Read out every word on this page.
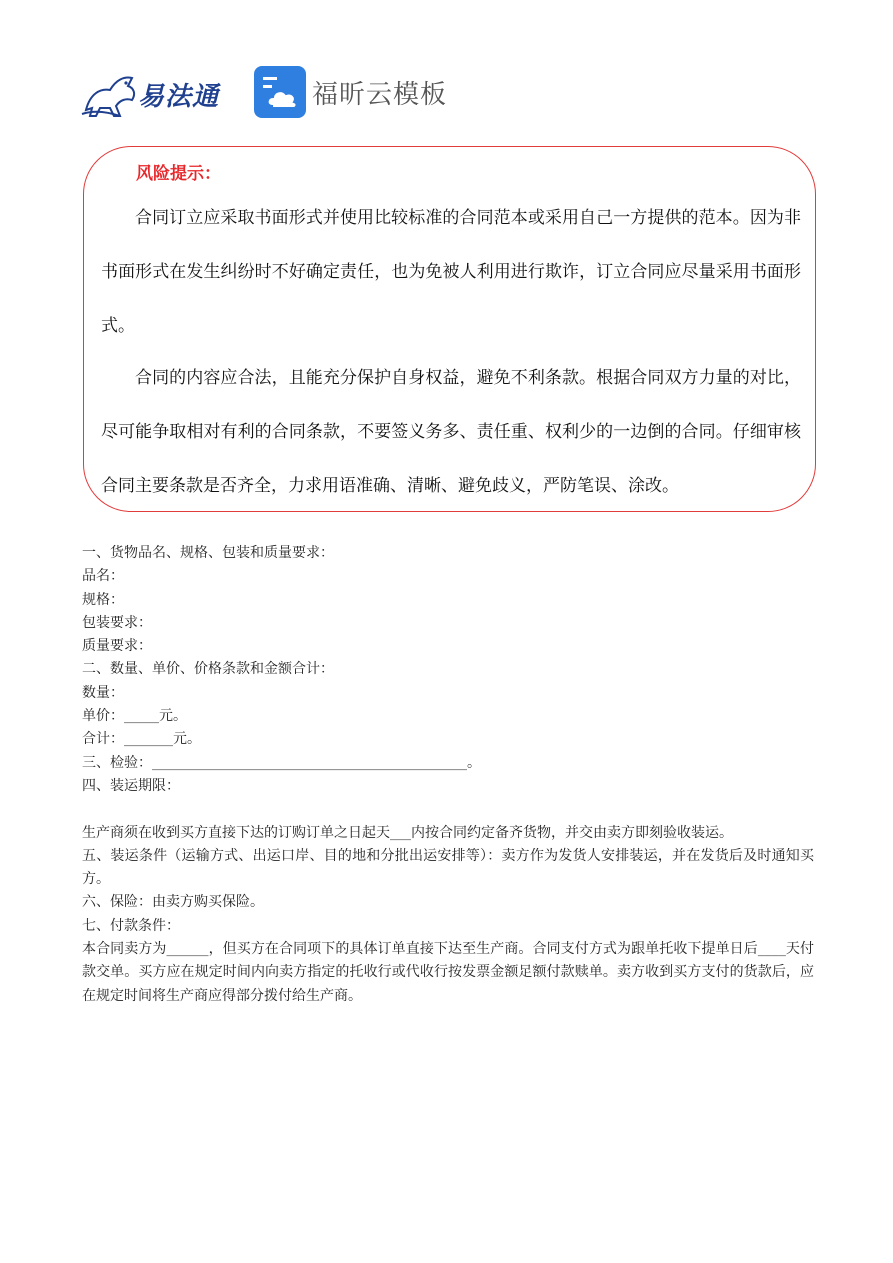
易法通	福昕云模板
风险提示：
合同订立应采取书面形式并使用比较标准的合同范本或采用自己一方提供的范本。因为非书面形式在发生纠纷时不好确定责任，也为免被人利用进行欺诈，订立合同应尽量采用书面形式。
合同的内容应合法，且能充分保护自身权益，避免不利条款。根据合同双方力量的对比，尽可能争取相对有利的合同条款，不要签义务多、责任重、权利少的一边倒的合同。仔细审核合同主要条款是否齐全，力求用语准确、清晰、避免歧义，严防笔误、涂改。

一、货物品名、规格、包装和质量要求：

品名：

规格：

包装要求：

质量要求：

二、数量、单价、价格条款和金额合计：

数量：

单价：_____元。

合计：_______元。

三、检验：_____________________________________________。

四、装运期限：

生产商须在收到买方直接下达的订购订单之日起天___内按合同约定备齐货物，并交由卖方即刻验收装运。

五、装运条件（运输方式、出运口岸、目的地和分批出运安排等）：卖方作为发货人安排装运，并在发货后及时通知买方。

六、保险：由卖方购买保险。

七、付款条件：

本合同卖方为______，但买方在合同项下的具体订单直接下达至生产商。合同支付方式为跟单托收下提单日后____天付款交单。买方应在规定时间内向卖方指定的托收行或代收行按发票金额足额付款赎单。卖方收到买方支付的货款后，应在规定时间将生产商应得部分拨付给生产商。
